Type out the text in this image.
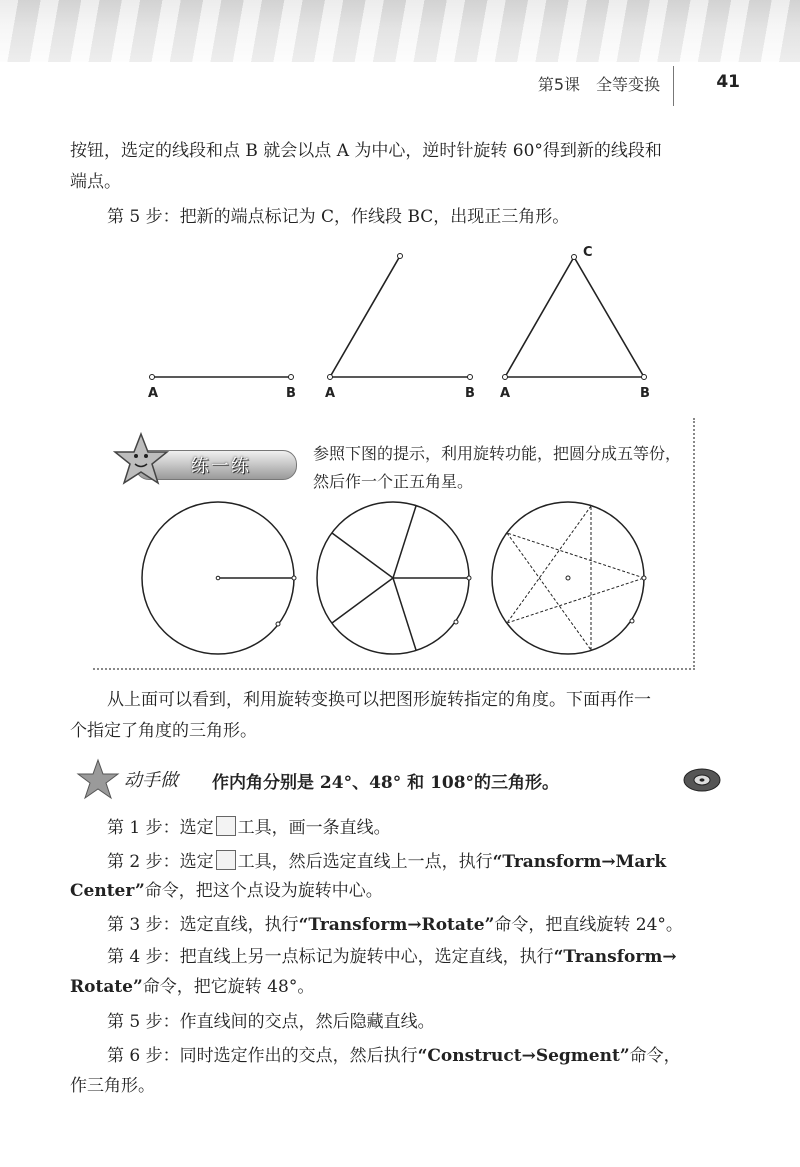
第5课　全等变换	41

按钮，选定的线段和点 B 就会以点 A 为中心，逆时针旋转 60°得到新的线段和

端点。

第 5 步：把新的端点标记为 C，作线段 BC，出现正三角形。

A	B A	B A	B
C
练一练
参照下图的提示，利用旋转功能，把圆分成五等份，然后作一个正五角星。

从上面可以看到，利用旋转变换可以把图形旋转指定的角度。下面再作一

个指定了角度的三角形。

动手做 作内角分别是 24°、48° 和 108°的三角形。

第 1 步：选定 工具，画一条直线。

第 2 步：选定 工具，然后选定直线上一点，执行“Transform→Mark

Center”命令，把这个点设为旋转中心。

第 3 步：选定直线，执行“Transform→Rotate”命令，把直线旋转 24°。

第 4 步：把直线上另一点标记为旋转中心，选定直线，执行“Transform→

Rotate”命令，把它旋转 48°。

第 5 步：作直线间的交点，然后隐藏直线。

第 6 步：同时选定作出的交点，然后执行“Construct→Segment”命令，

作三角形。
